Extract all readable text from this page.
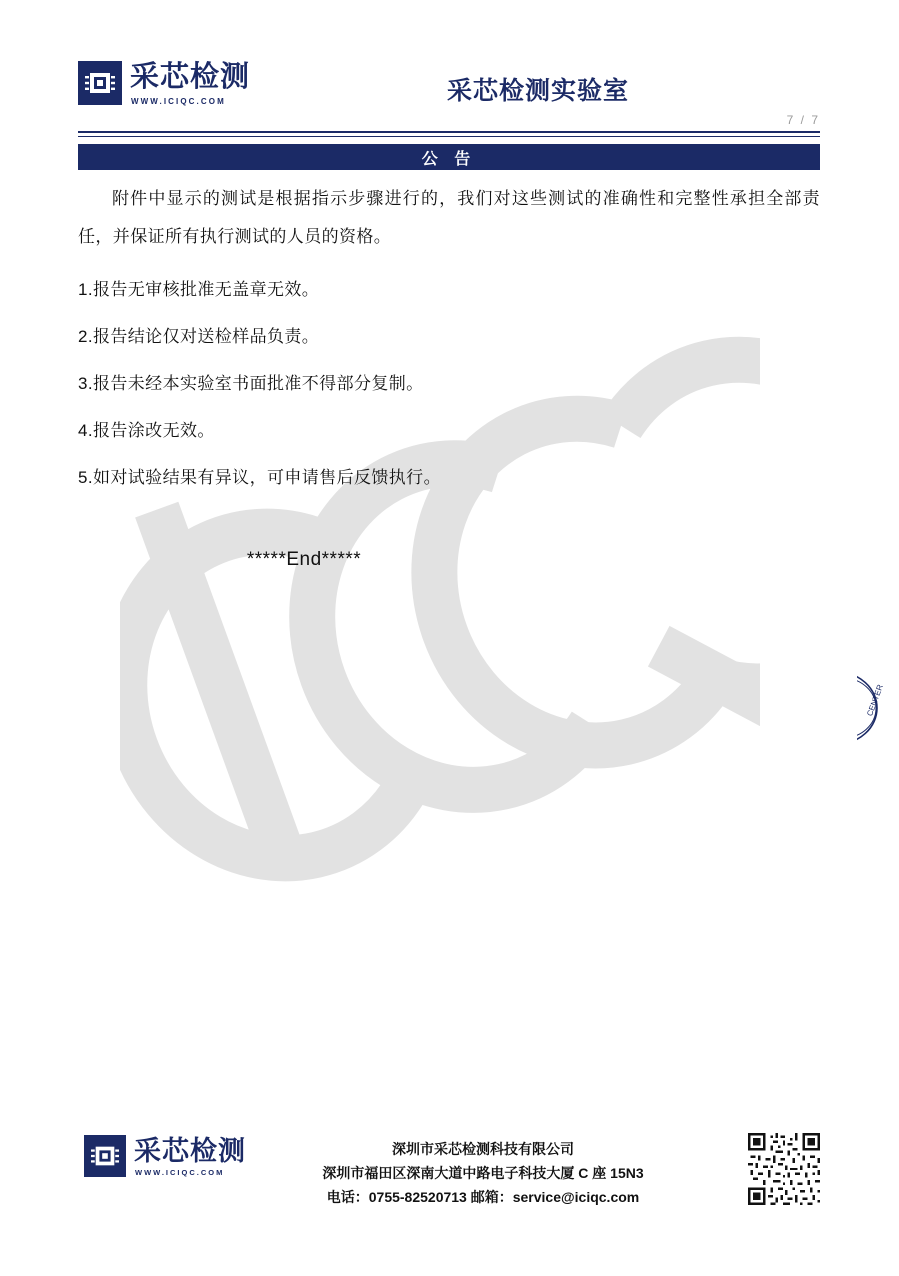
采芯检测
WWW.ICIQC.COM	采芯检测实验室
7 / 7
公 告

附件中显示的测试是根据指示步骤进行的，我们对这些测试的准确性和完整性承担全部责任，并保证所有执行测试的人员的资格。

1.报告无审核批准无盖章无效。

2.报告结论仅对送检样品负责。

3.报告未经本实验室书面批准不得部分复制。

4.报告涂改无效。

5.如对试验结果有异议，可申请售后反馈执行。

*****End*****
CENTER
采芯检测
WWW.ICIQC.COM
深圳市采芯检测科技有限公司
深圳市福田区深南大道中路电子科技大厦 C 座 15N3
电话：0755-82520713 邮箱：service@iciqc.com
